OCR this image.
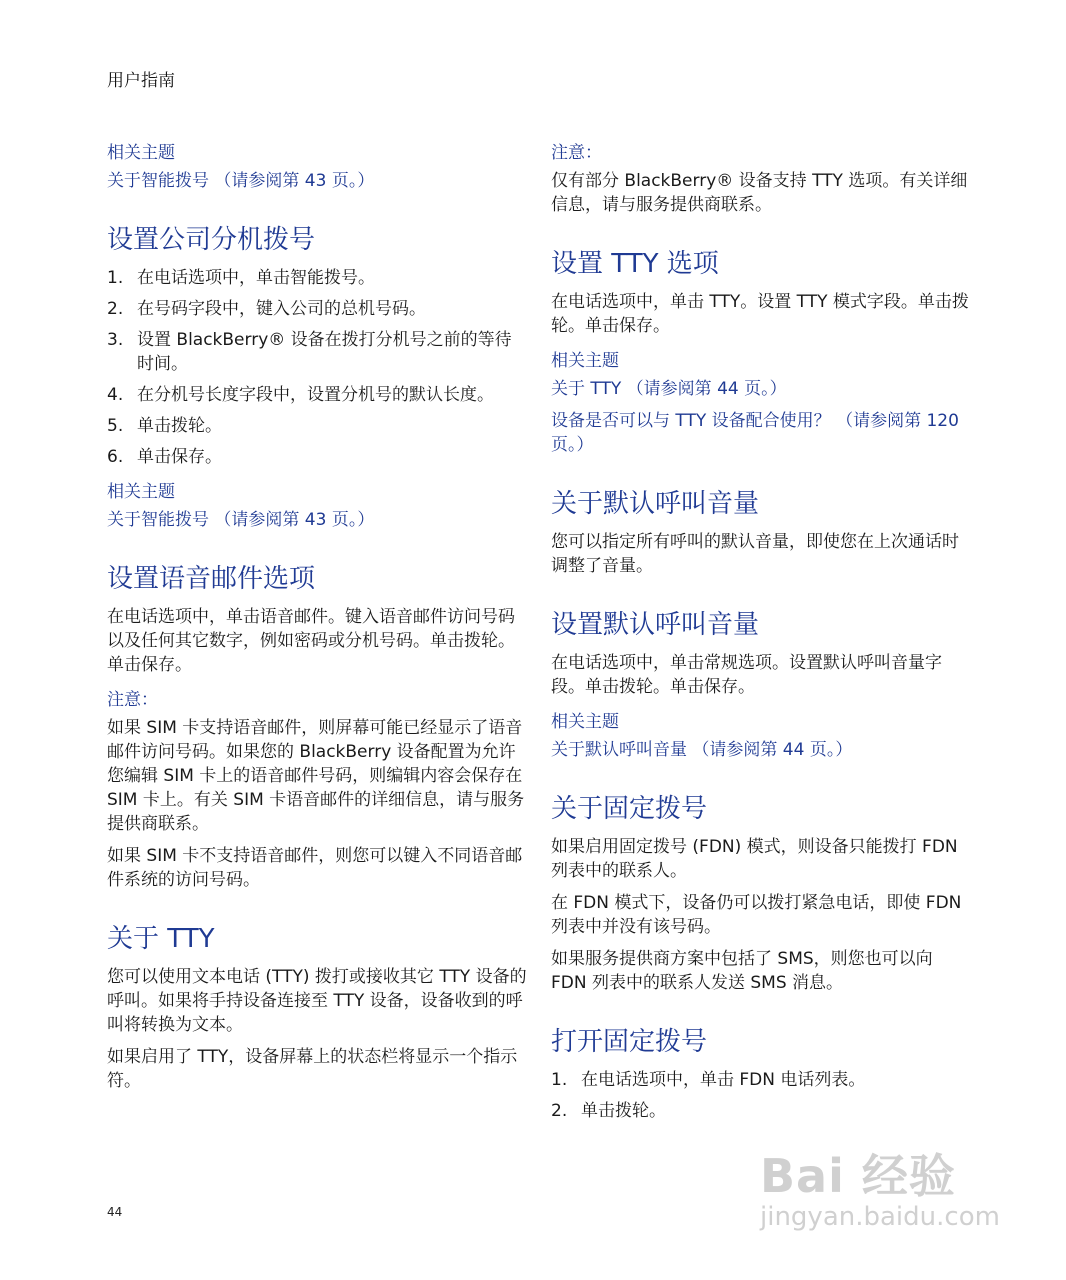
用户指南
相关主题
关于智能拨号 （请参阅第 43 页。）
设置公司分机拨号
1. 在电话选项中，单击智能拨号。
2. 在号码字段中，键入公司的总机号码。
3. 设置 BlackBerry® 设备在拨打分机号之前的等待时间。
4. 在分机号长度字段中，设置分机号的默认长度。
5. 单击拨轮。
6. 单击保存。
相关主题
关于智能拨号 （请参阅第 43 页。）
设置语音邮件选项

在电话选项中，单击语音邮件。键入语音邮件访问号码以及任何其它数字，例如密码或分机号码。单击拨轮。单击保存。

注意：

如果 SIM 卡支持语音邮件，则屏幕可能已经显示了语音邮件访问号码。如果您的 BlackBerry 设备配置为允许您编辑 SIM 卡上的语音邮件号码，则编辑内容会保存在 SIM 卡上。有关 SIM 卡语音邮件的详细信息，请与服务提供商联系。

如果 SIM 卡不支持语音邮件，则您可以键入不同语音邮件系统的访问号码。

关于 TTY

您可以使用文本电话 (TTY) 拨打或接收其它 TTY 设备的呼叫。如果将手持设备连接至 TTY 设备，设备收到的呼叫将转换为文本。

如果启用了 TTY，设备屏幕上的状态栏将显示一个指示符。

注意：

仅有部分 BlackBerry® 设备支持 TTY 选项。有关详细信息，请与服务提供商联系。

设置 TTY 选项

在电话选项中，单击 TTY。设置 TTY 模式字段。单击拨轮。单击保存。

相关主题
关于 TTY （请参阅第 44 页。）
设备是否可以与 TTY 设备配合使用？ （请参阅第 120 页。）
关于默认呼叫音量

您可以指定所有呼叫的默认音量，即使您在上次通话时调整了音量。

设置默认呼叫音量

在电话选项中，单击常规选项。设置默认呼叫音量字段。单击拨轮。单击保存。

相关主题
关于默认呼叫音量 （请参阅第 44 页。）
关于固定拨号

如果启用固定拨号 (FDN) 模式，则设备只能拨打 FDN 列表中的联系人。

在 FDN 模式下，设备仍可以拨打紧急电话，即使 FDN 列表中并没有该号码。

如果服务提供商方案中包括了 SMS，则您也可以向 FDN 列表中的联系人发送 SMS 消息。

打开固定拨号
1. 在电话选项中，单击 FDN 电话列表。
2. 单击拨轮。
44
Bai 经验
jingyan.baidu.com
